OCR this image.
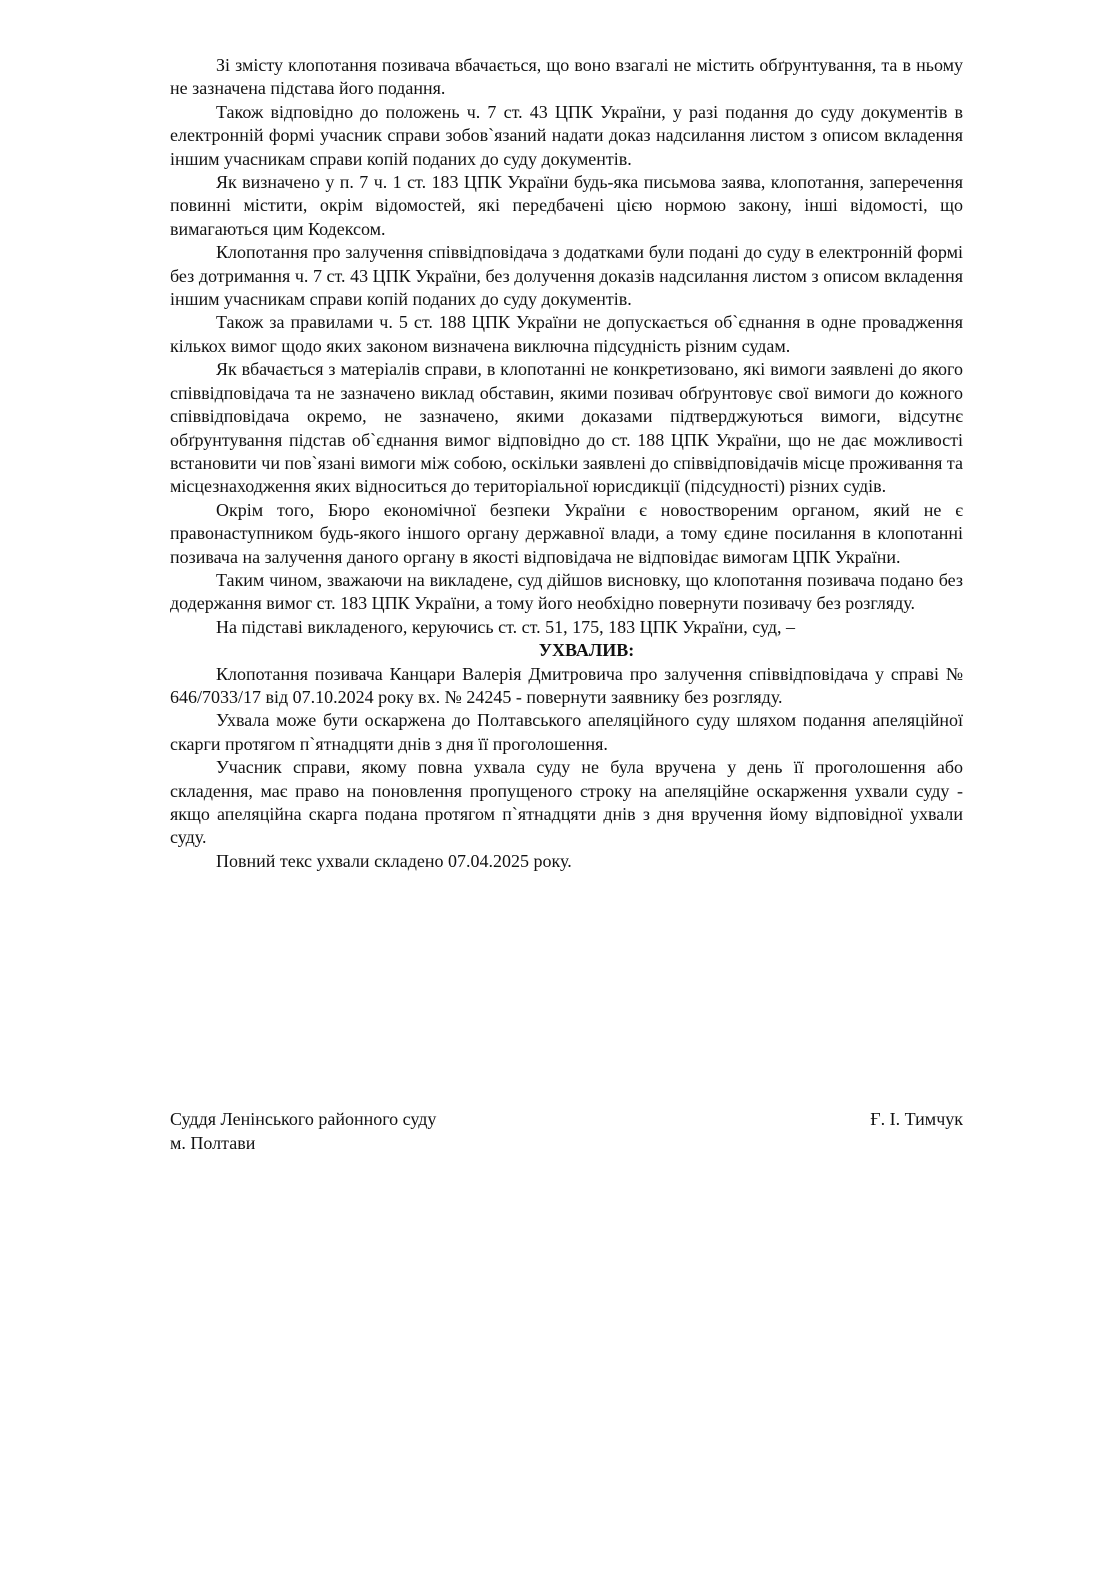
Зі змісту клопотання позивача вбачається, що воно взагалі не містить обґрунтування, та в ньому не зазначена підстава його подання.

Також відповідно до положень ч. 7 ст. 43 ЦПК України, у разі подання до суду документів в електронній формі учасник справи зобов`язаний надати доказ надсилання листом з описом вкладення іншим учасникам справи копій поданих до суду документів.

Як визначено у п. 7 ч. 1 ст. 183 ЦПК України будь-яка письмова заява, клопотання, заперечення повинні містити, окрім відомостей, які передбачені цією нормою закону, інші відомості, що вимагаються цим Кодексом.

Клопотання про залучення співвідповідача з додатками були подані до суду в електронній формі без дотримання ч. 7 ст. 43 ЦПК України, без долучення доказів надсилання листом з описом вкладення іншим учасникам справи копій поданих до суду документів.

Також за правилами ч. 5 ст. 188 ЦПК України не допускається об`єднання в одне провадження кількох вимог щодо яких законом визначена виключна підсудність різним судам.

Як вбачається з матеріалів справи, в клопотанні не конкретизовано, які вимоги заявлені до якого співвідповідача та не зазначено виклад обставин, якими позивач обґрунтовує свої вимоги до кожного співвідповідача окремо, не зазначено, якими доказами підтверджуються вимоги, відсутнє обґрунтування підстав об`єднання вимог відповідно до ст. 188 ЦПК України, що не дає можливості встановити чи пов`язані вимоги між собою, оскільки заявлені до співвідповідачів місце проживання та місцезнаходження яких відноситься до територіальної юрисдикції (підсудності) різних судів.

Окрім того, Бюро економічної безпеки України є новоствореним органом, який не є правонаступником будь-якого іншого органу державної влади, а тому єдине посилання в клопотанні позивача на залучення даного органу в якості відповідача не відповідає вимогам ЦПК України.

Таким чином, зважаючи на викладене, суд дійшов висновку, що клопотання позивача подано без додержання вимог ст. 183 ЦПК України, а тому його необхідно повернути позивачу без розгляду.

На підставі викладеного, керуючись ст. ст. 51, 175, 183 ЦПК України, суд, –

УХВАЛИВ:

Клопотання позивача Канцари Валерія Дмитровича про залучення співвідповідача у справі № 646/7033/17 від 07.10.2024 року вх. № 24245 - повернути заявнику без розгляду.

Ухвала може бути оскаржена до Полтавського апеляційного суду шляхом подання апеляційної скарги протягом п`ятнадцяти днів з дня її проголошення.

Учасник справи, якому повна ухвала суду не була вручена у день її проголошення або складення, має право на поновлення пропущеного строку на апеляційне оскарження ухвали суду - якщо апеляційна скарга подана протягом п`ятнадцяти днів з дня вручення йому відповідної ухвали суду.

Повний текс ухвали складено 07.04.2025 року.

Суддя Ленінського районного суду
м. Полтави
Ғ. І. Тимчук
